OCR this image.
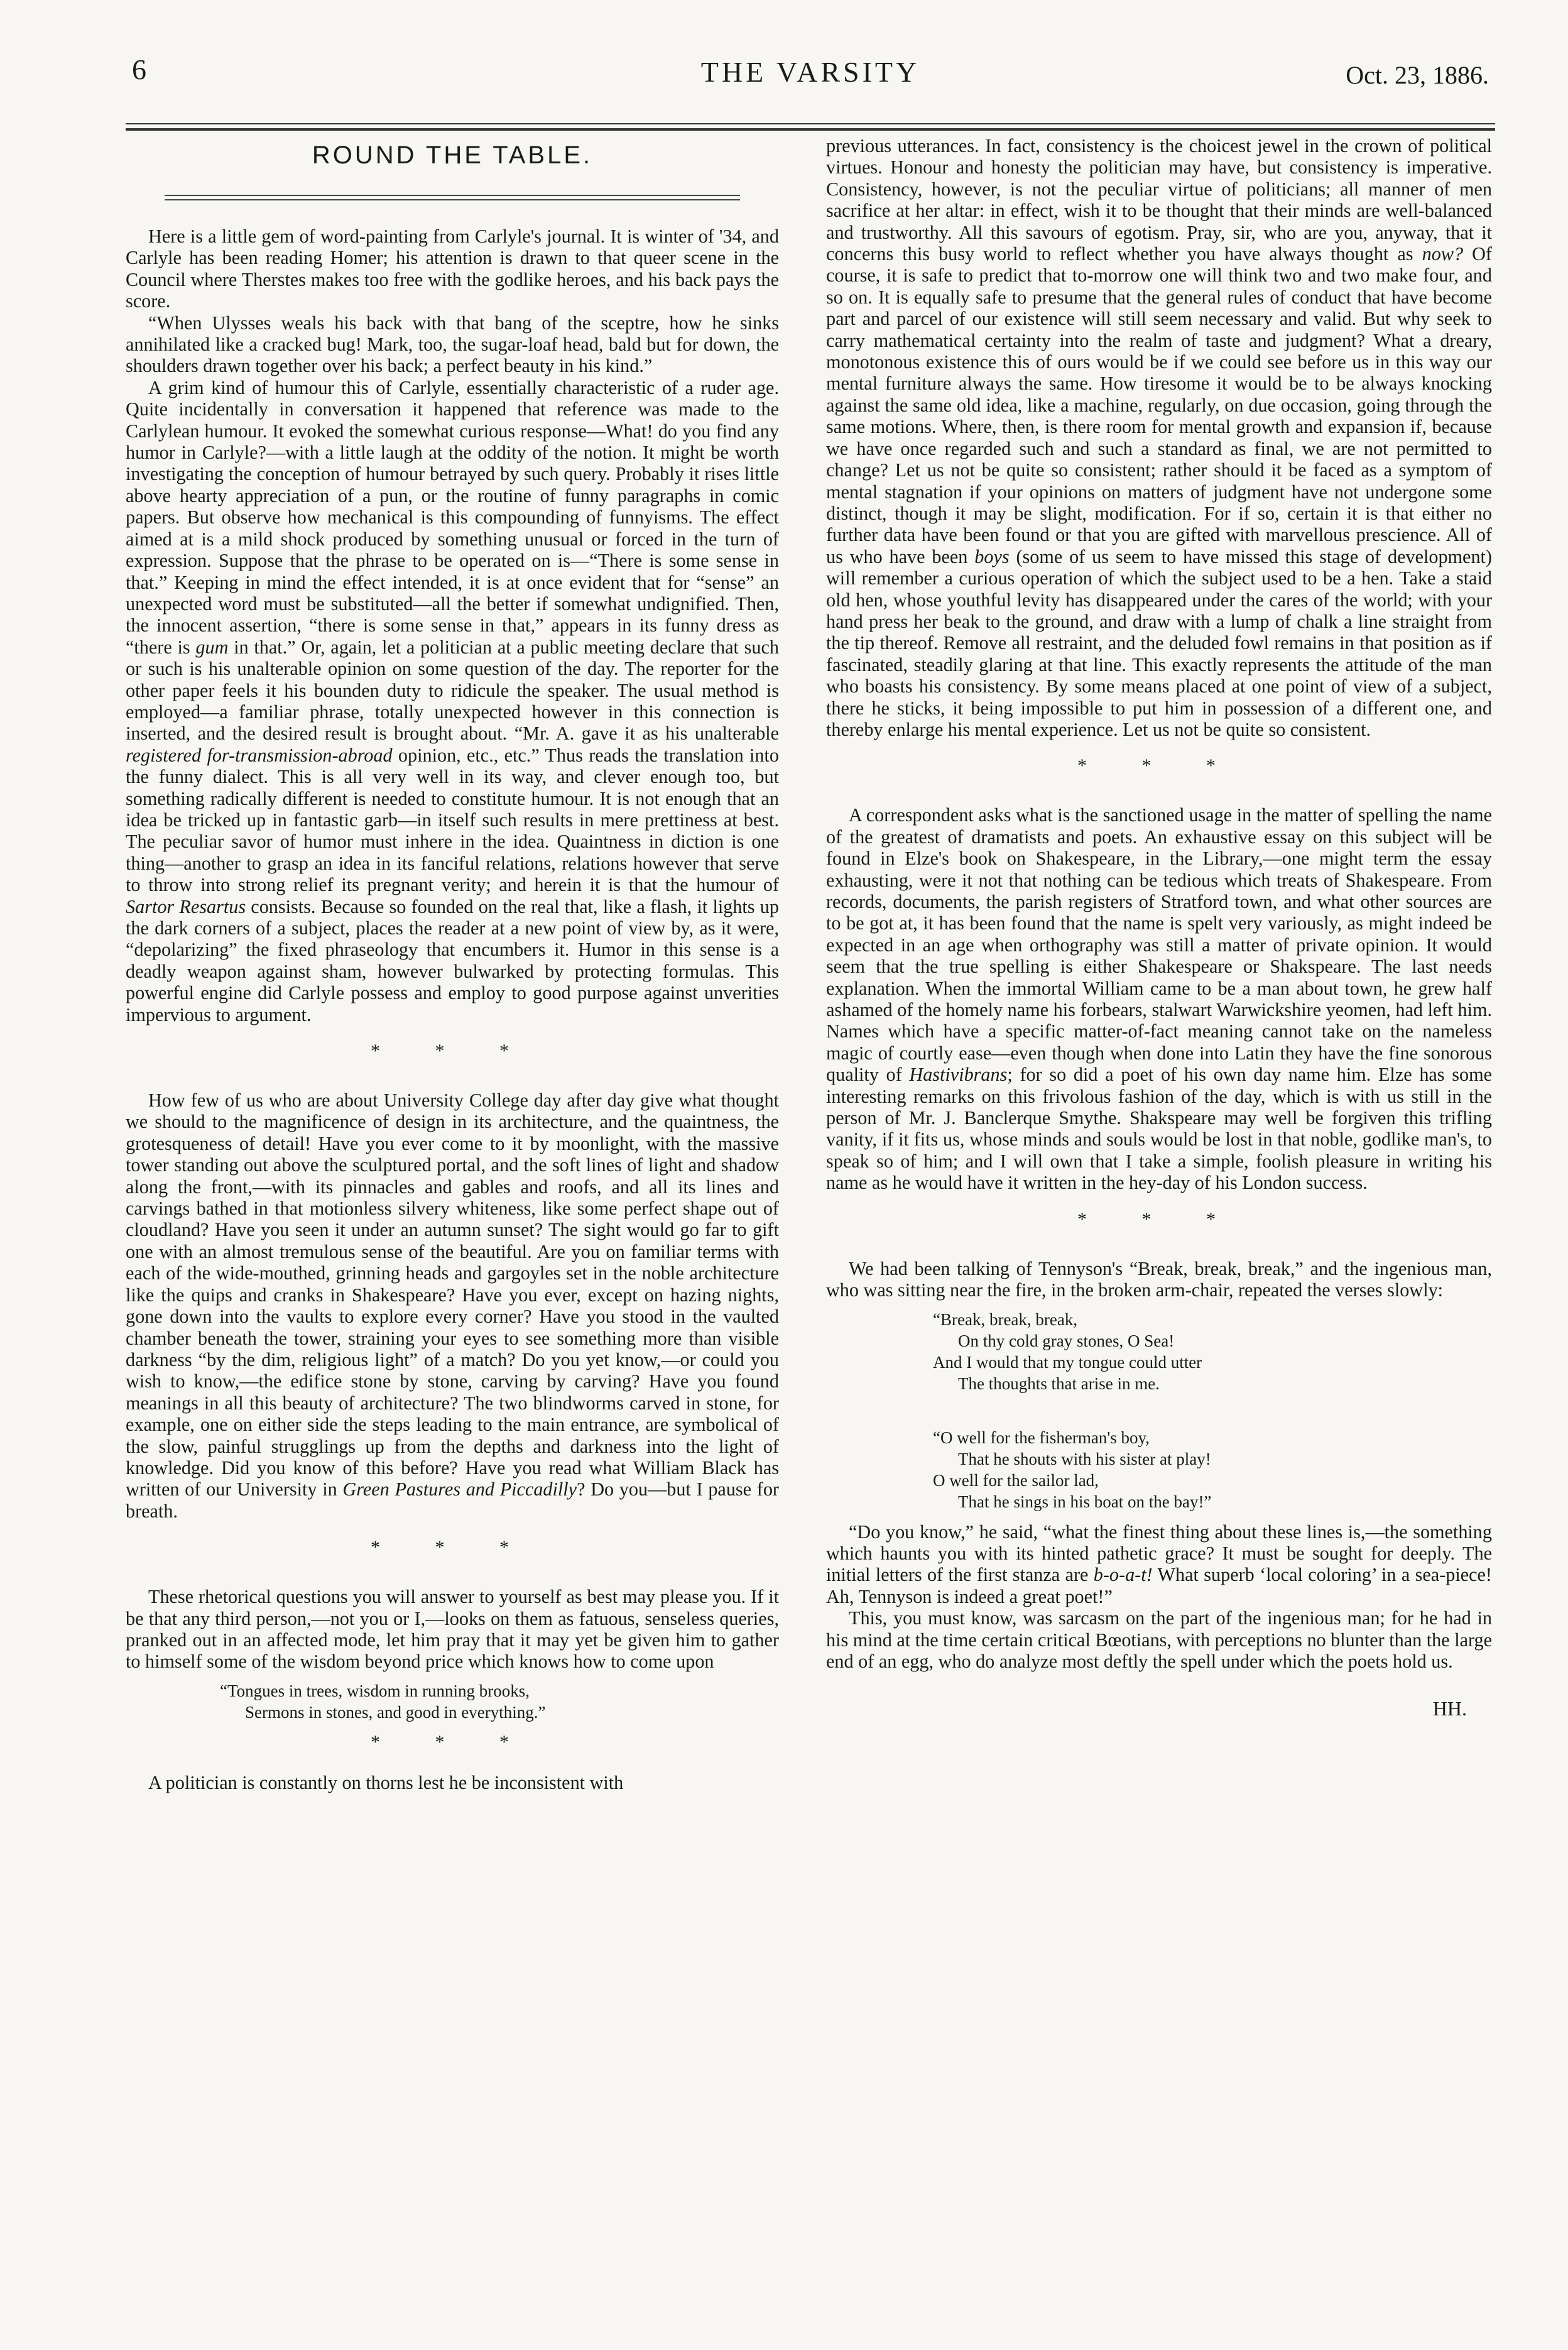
6	THE VARSITY	Oct. 23, 1886.
ROUND THE TABLE.

Here is a little gem of word-painting from Carlyle's journal. It is winter of '34, and Carlyle has been reading Homer; his attention is drawn to that queer scene in the Council where Therstes makes too free with the godlike heroes, and his back pays the score.

“When Ulysses weals his back with that bang of the sceptre, how he sinks annihilated like a cracked bug! Mark, too, the sugar-loaf head, bald but for down, the shoulders drawn together over his back; a perfect beauty in his kind.”

A grim kind of humour this of Carlyle, essentially characteristic of a ruder age. Quite incidentally in conversation it happened that reference was made to the Carlylean humour. It evoked the somewhat curious response—What! do you find any humor in Carlyle?—with a little laugh at the oddity of the notion. It might be worth investigating the conception of humour betrayed by such query. Probably it rises little above hearty appreciation of a pun, or the routine of funny paragraphs in comic papers. But observe how mechanical is this compounding of funnyisms. The effect aimed at is a mild shock produced by something unusual or forced in the turn of expression. Suppose that the phrase to be operated on is—“There is some sense in that.” Keeping in mind the effect intended, it is at once evident that for “sense” an unexpected word must be substituted—all the better if somewhat undignified. Then, the innocent assertion, “there is some sense in that,” appears in its funny dress as “there is gum in that.” Or, again, let a politician at a public meeting declare that such or such is his unalterable opinion on some question of the day. The reporter for the other paper feels it his bounden duty to ridicule the speaker. The usual method is employed—a familiar phrase, totally unexpected however in this connection is inserted, and the desired result is brought about. “Mr. A. gave it as his unalterable registered for-transmission-abroad opinion, etc., etc.” Thus reads the translation into the funny dialect. This is all very well in its way, and clever enough too, but something radically different is needed to constitute humour. It is not enough that an idea be tricked up in fantastic garb—in itself such results in mere prettiness at best. The peculiar savor of humor must inhere in the idea. Quaintness in diction is one thing—another to grasp an idea in its fanciful relations, relations however that serve to throw into strong relief its pregnant verity; and herein it is that the humour of Sartor Resartus consists. Because so founded on the real that, like a flash, it lights up the dark corners of a subject, places the reader at a new point of view by, as it were, “depolarizing” the fixed phraseology that encumbers it. Humor in this sense is a deadly weapon against sham, however bulwarked by protecting formulas. This powerful engine did Carlyle possess and employ to good purpose against unverities impervious to argument.

* * *

How few of us who are about University College day after day give what thought we should to the magnificence of design in its architecture, and the quaintness, the grotesqueness of detail! Have you ever come to it by moonlight, with the massive tower standing out above the sculptured portal, and the soft lines of light and shadow along the front,—with its pinnacles and gables and roofs, and all its lines and carvings bathed in that motionless silvery whiteness, like some perfect shape out of cloudland? Have you seen it under an autumn sunset? The sight would go far to gift one with an almost tremulous sense of the beautiful. Are you on familiar terms with each of the wide-mouthed, grinning heads and gargoyles set in the noble architecture like the quips and cranks in Shakespeare? Have you ever, except on hazing nights, gone down into the vaults to explore every corner? Have you stood in the vaulted chamber beneath the tower, straining your eyes to see something more than visible darkness “by the dim, religious light” of a match? Do you yet know,—or could you wish to know,—the edifice stone by stone, carving by carving? Have you found meanings in all this beauty of architecture? The two blindworms carved in stone, for example, one on either side the steps leading to the main entrance, are symbolical of the slow, painful strugglings up from the depths and darkness into the light of knowledge. Did you know of this before? Have you read what William Black has written of our University in Green Pastures and Piccadilly? Do you—but I pause for breath.

* * *

These rhetorical questions you will answer to yourself as best may please you. If it be that any third person,—not you or I,—looks on them as fatuous, senseless queries, pranked out in an affected mode, let him pray that it may yet be given him to gather to himself some of the wisdom beyond price which knows how to come upon

“Tongues in trees, wisdom in running brooks,
Sermons in stones, and good in everything.”
* * *

A politician is constantly on thorns lest he be inconsistent with

previous utterances. In fact, consistency is the choicest jewel in the crown of political virtues. Honour and honesty the politician may have, but consistency is imperative. Consistency, however, is not the peculiar virtue of politicians; all manner of men sacrifice at her altar: in effect, wish it to be thought that their minds are well-balanced and trustworthy. All this savours of egotism. Pray, sir, who are you, anyway, that it concerns this busy world to reflect whether you have always thought as now? Of course, it is safe to predict that to-morrow one will think two and two make four, and so on. It is equally safe to presume that the general rules of conduct that have become part and parcel of our existence will still seem necessary and valid. But why seek to carry mathematical certainty into the realm of taste and judgment? What a dreary, monotonous existence this of ours would be if we could see before us in this way our mental furniture always the same. How tiresome it would be to be always knocking against the same old idea, like a machine, regularly, on due occasion, going through the same motions. Where, then, is there room for mental growth and expansion if, because we have once regarded such and such a standard as final, we are not permitted to change? Let us not be quite so consistent; rather should it be faced as a symptom of mental stagnation if your opinions on matters of judgment have not undergone some distinct, though it may be slight, modification. For if so, certain it is that either no further data have been found or that you are gifted with marvellous prescience. All of us who have been boys (some of us seem to have missed this stage of development) will remember a curious operation of which the subject used to be a hen. Take a staid old hen, whose youthful levity has disappeared under the cares of the world; with your hand press her beak to the ground, and draw with a lump of chalk a line straight from the tip thereof. Remove all restraint, and the deluded fowl remains in that position as if fascinated, steadily glaring at that line. This exactly represents the attitude of the man who boasts his consistency. By some means placed at one point of view of a subject, there he sticks, it being impossible to put him in possession of a different one, and thereby enlarge his mental experience. Let us not be quite so consistent.

* * *

A correspondent asks what is the sanctioned usage in the matter of spelling the name of the greatest of dramatists and poets. An exhaustive essay on this subject will be found in Elze's book on Shakespeare, in the Library,—one might term the essay exhausting, were it not that nothing can be tedious which treats of Shakespeare. From records, documents, the parish registers of Stratford town, and what other sources are to be got at, it has been found that the name is spelt very variously, as might indeed be expected in an age when orthography was still a matter of private opinion. It would seem that the true spelling is either Shakespeare or Shakspeare. The last needs explanation. When the immortal William came to be a man about town, he grew half ashamed of the homely name his forbears, stalwart Warwickshire yeomen, had left him. Names which have a specific matter-of-fact meaning cannot take on the nameless magic of courtly ease—even though when done into Latin they have the fine sonorous quality of Hastivibrans; for so did a poet of his own day name him. Elze has some interesting remarks on this frivolous fashion of the day, which is with us still in the person of Mr. J. Banclerque Smythe. Shakspeare may well be forgiven this trifling vanity, if it fits us, whose minds and souls would be lost in that noble, godlike man's, to speak so of him; and I will own that I take a simple, foolish pleasure in writing his name as he would have it written in the hey-day of his London success.

* * *

We had been talking of Tennyson's “Break, break, break,” and the ingenious man, who was sitting near the fire, in the broken arm-chair, repeated the verses slowly:

“Break, break, break,
On thy cold gray stones, O Sea!
And I would that my tongue could utter
The thoughts that arise in me.
“O well for the fisherman's boy,
That he shouts with his sister at play!
O well for the sailor lad,
That he sings in his boat on the bay!”

“Do you know,” he said, “what the finest thing about these lines is,—the something which haunts you with its hinted pathetic grace? It must be sought for deeply. The initial letters of the first stanza are b-o-a-t! What superb ‘local coloring’ in a sea-piece! Ah, Tennyson is indeed a great poet!”

This, you must know, was sarcasm on the part of the ingenious man; for he had in his mind at the time certain critical Bœotians, with perceptions no blunter than the large end of an egg, who do analyze most deftly the spell under which the poets hold us.

HH.
